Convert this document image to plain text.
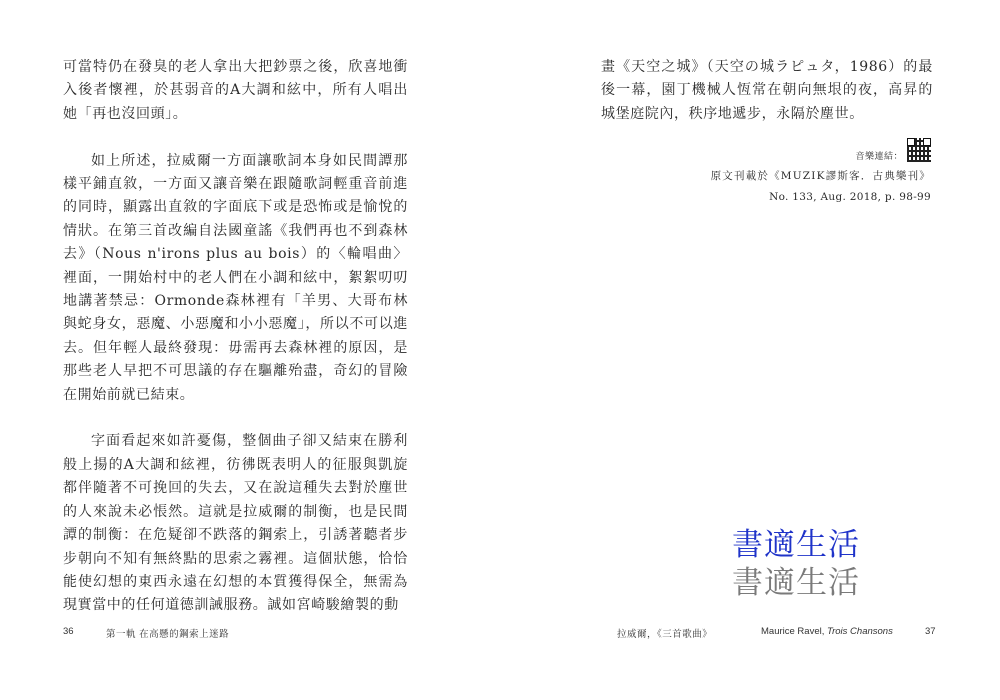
可當特仍在發臭的老人拿出大把鈔票之後，欣喜地衝入後者懷裡，於甚弱音的A大調和絃中，所有人唱出她「再也沒回頭」。

如上所述，拉威爾一方面讓歌詞本身如民間譚那樣平鋪直敘，一方面又讓音樂在跟隨歌詞輕重音前進的同時，顯露出直敘的字面底下或是恐怖或是愉悅的情狀。在第三首改編自法國童謠《我們再也不到森林去》（Nous n'irons plus au bois）的〈輪唱曲〉裡面，一開始村中的老人們在小調和絃中，絮絮叨叨地講著禁忌：Ormonde森林裡有「羊男、大哥布林與蛇身女，惡魔、小惡魔和小小惡魔」，所以不可以進去。但年輕人最終發現：毋需再去森林裡的原因，是那些老人早把不可思議的存在驅離殆盡，奇幻的冒險在開始前就已結束。

字面看起來如許憂傷，整個曲子卻又結束在勝利般上揚的A大調和絃裡，彷彿既表明人的征服與凱旋都伴隨著不可挽回的失去，又在說這種失去對於塵世的人來說未必悵然。這就是拉威爾的制衡，也是民間譚的制衡：在危疑卻不跌落的鋼索上，引誘著聽者步步朝向不知有無終點的思索之霧裡。這個狀態，恰恰能使幻想的東西永遠在幻想的本質獲得保全，無需為現實當中的任何道德訓誡服務。誠如宮崎駿繪製的動

36	第一軌 在高懸的鋼索上迷路

畫《天空之城》（天空の城ラピュタ，1986）的最後一幕，園丁機械人恆常在朝向無垠的夜，高昇的城堡庭院內，秩序地遞步，永隔於塵世。

音樂連結：
原文刊載於《MUZIK謬斯客．古典樂刊》
No. 133, Aug. 2018, p. 98-99
書適生活
書適生活
拉威爾，《三首歌曲》	Maurice Ravel, Trois Chansons	37
